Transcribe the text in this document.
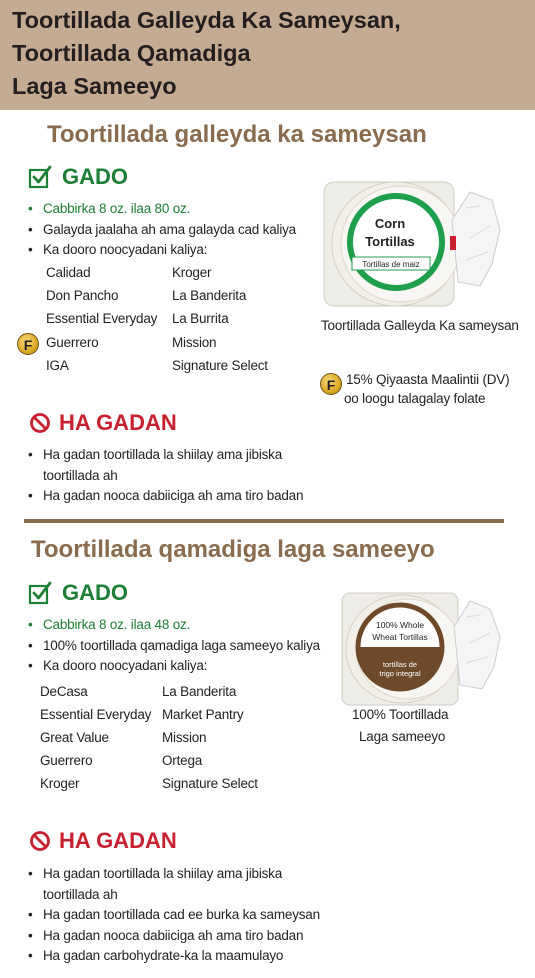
Toortillada Galleyda Ka Sameysan,
Toortillada Qamadiga
Laga Sameeyo
Toortillada galleyda ka sameysan
GADO
• Cabbirka 8 oz. ilaa 80 oz.
• Galayda jaalaha ah ama galayda cad kaliya
• Ka dooro noocyadani kaliya:
Calidad
Don Pancho
Essential Everyday
Guerrero
IGA
Kroger
La Banderita
La Burrita
Mission
Signature Select
F
Corn
Tortillas
Tortillas de maiz
Toortillada Galleyda Ka sameysan
F 15% Qiyaasta Maalintii (DV)
oo loogu talagalay folate
HA GADAN
• Ha gadan toortillada la shiilay ama jibiska toortillada ah
• Ha gadan nooca dabiiciga ah ama tiro badan
Toortillada qamadiga laga sameeyo
GADO
• Cabbirka 8 oz. ilaa 48 oz.
• 100% toortillada qamadiga laga sameeyo kaliya
• Ka dooro noocyadani kaliya:
DeCasa
Essential Everyday
Great Value
Guerrero
Kroger
La Banderita
Market Pantry
Mission
Ortega
Signature Select
100% Whole
Wheat Tortillas
tortillas de
trigo integral
100% Toortillada
Laga sameeyo
HA GADAN
• Ha gadan toortillada la shiilay ama jibiska toortillada ah
• Ha gadan toortillada cad ee burka ka sameysan
• Ha gadan nooca dabiiciga ah ama tiro badan
• Ha gadan carbohydrate-ka la maamulayo
